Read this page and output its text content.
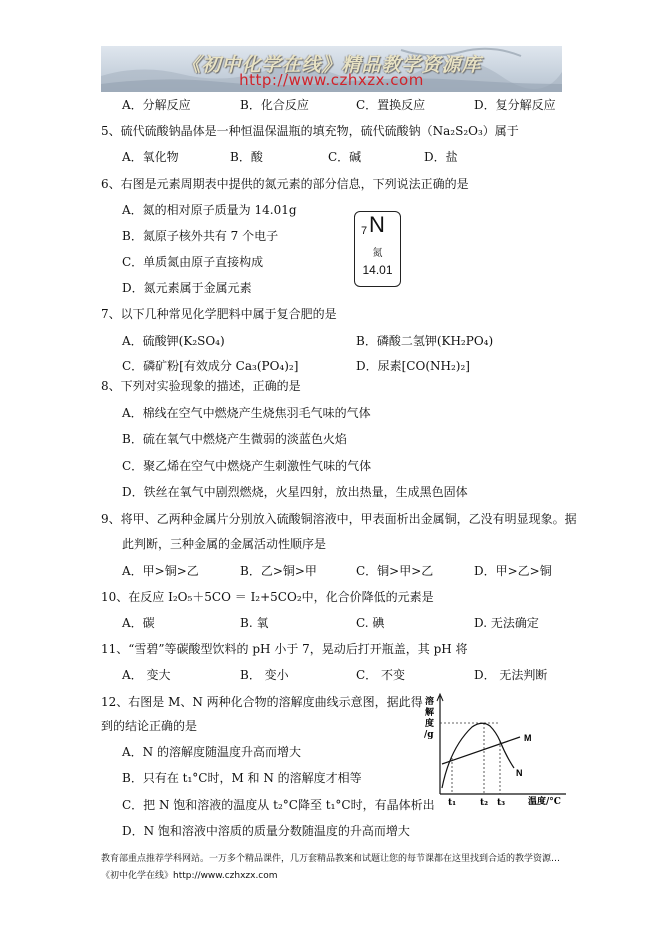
《初中化学在线》精品教学资源库
http://www.czhxzx.com
A．分解反应	B．化合反应	C．置换反应	D．复分解反应
5、硫代硫酸钠晶体是一种恒温保温瓶的填充物，硫代硫酸钠（Na₂S₂O₃）属于
A．氧化物	B．酸	C．碱	D．盐
6、右图是元素周期表中提供的氮元素的部分信息，下列说法正确的是
A．氮的相对原子质量为 14.01g
B．氮原子核外共有 7 个电子
C．单质氮由原子直接构成
D．氮元素属于金属元素
7 N
氮
14.01
7、以下几种常见化学肥料中属于复合肥的是
A．硫酸钾(K₂SO₄)	B．磷酸二氢钾(KH₂PO₄)
C．磷矿粉[有效成分 Ca₃(PO₄)₂]	D．尿素[CO(NH₂)₂]
8、下列对实验现象的描述，正确的是
A．棉线在空气中燃烧产生烧焦羽毛气味的气体
B．硫在氧气中燃烧产生微弱的淡蓝色火焰
C．聚乙烯在空气中燃烧产生刺激性气味的气体
D．铁丝在氧气中剧烈燃烧，火星四射，放出热量，生成黑色固体
9、将甲、乙两种金属片分别放入硫酸铜溶液中，甲表面析出金属铜，乙没有明显现象。据
此判断，三种金属的金属活动性顺序是
A．甲>铜>乙	B．乙>铜>甲	C．铜>甲>乙	D．甲>乙>铜
10、在反应 I₂O₅＋5CO ＝ I₂+5CO₂中，化合价降低的元素是
A．碳	B. 氧	C. 碘	D. 无法确定
11、“雪碧”等碳酸型饮料的 pH 小于 7，晃动后打开瓶盖，其 pH 将
A． 变大	B． 变小	C． 不变	D． 无法判断
12、右图是 M、N 两种化合物的溶解度曲线示意图，据此得
到的结论正确的是
A．N 的溶解度随温度升高而增大
B．只有在 t₁°C时，M 和 N 的溶解度才相等
C．把 N 饱和溶液的温度从 t₂°C降至 t₁°C时，有晶体析出
D．N 饱和溶液中溶质的质量分数随温度的升高而增大
溶
解
度
/g	M
N
t₁	t₂ t₃	温度/°C
教育部重点推荐学科网站。一万多个精品课件，几万套精品教案和试题让您的每节课都在这里找到合适的教学资源…《初中化学在线》http://www.czhxzx.com
